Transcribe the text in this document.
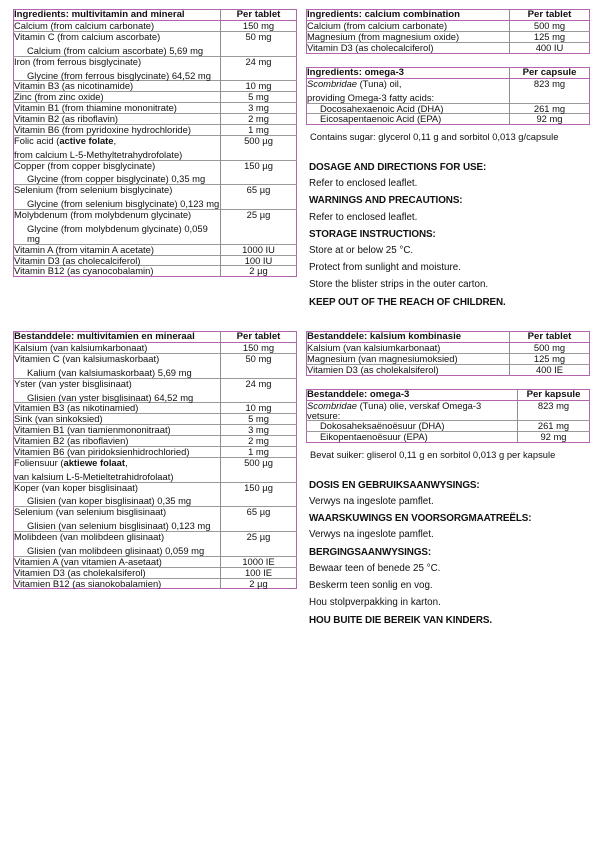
Ingredients: multivitamin and mineral	Per tablet
Calcium (from calcium carbonate)	150 mg
Vitamin C (from calcium ascorbate)
Calcium (from calcium ascorbate) 5,69 mg	50 mg
Iron (from ferrous bisglycinate)
Glycine (from ferrous bisglycinate) 64,52 mg	24 mg
Vitamin B3 (as nicotinamide)	10 mg
Zinc (from zinc oxide)	5 mg
Vitamin B1 (from thiamine mononitrate)	3 mg
Vitamin B2 (as riboflavin)	2 mg
Vitamin B6 (from pyridoxine hydrochloride)	1 mg
Folic acid (active folate,
from calcium L-5-Methyltetrahydrofolate)	500 µg
Copper (from copper bisglycinate)
Glycine (from copper bisglycinate) 0,35 mg	150 µg
Selenium (from selenium bisglycinate)
Glycine (from selenium bisglycinate) 0,123 mg	65 µg
Molybdenum (from molybdenum glycinate)
Glycine (from molybdenum glycinate) 0,059 mg	25 µg
Vitamin A (from vitamin A acetate)	1000 IU
Vitamin D3 (as cholecalciferol)	100 IU
Vitamin B12 (as cyanocobalamin)	2 µg
Ingredients: calcium combination	Per tablet
Calcium (from calcium carbonate)	500 mg
Magnesium (from magnesium oxide)	125 mg
Vitamin D3 (as cholecalciferol)	400 IU
Ingredients: omega-3	Per capsule
Scombridae (Tuna) oil,
providing Omega-3 fatty acids:	823 mg

Docosahexaenoic Acid (DHA)	261 mg

Eicosapentaenoic Acid (EPA)	92 mg
Contains sugar: glycerol 0,11 g and sorbitol 0,013 g/capsule
DOSAGE AND DIRECTIONS FOR USE:
Refer to enclosed leaflet.
WARNINGS AND PRECAUTIONS:
Refer to enclosed leaflet.
STORAGE INSTRUCTIONS:
Store at or below 25 °C.
Protect from sunlight and moisture.
Store the blister strips in the outer carton.
KEEP OUT OF THE REACH OF CHILDREN.
Bestanddele: multivitamien en mineraal	Per tablet
Kalsium (van kalsiumkarbonaat)	150 mg
Vitamien C (van kalsiumaskorbaat)
Kalium (van kalsiumaskorbaat) 5,69 mg	50 mg
Yster (van yster bisglisinaat)
Glisien (van yster bisglisinaat) 64,52 mg	24 mg
Vitamien B3 (as nikotinamied)	10 mg
Sink (van sinkoksied)	5 mg
Vitamien B1 (van tiamienmononitraat)	3 mg
Vitamien B2 (as riboflavien)	2 mg
Vitamien B6 (van piridoksienhidrochloried)	1 mg
Foliensuur (aktiewe folaat,
van kalsium L-5-Metieltetrahidrofolaat)	500 µg
Koper (van koper bisglisinaat)
Glisien (van koper bisglisinaat) 0,35 mg	150 µg
Selenium (van selenium bisglisinaat)
Glisien (van selenium bisglisinaat) 0,123 mg	65 µg
Molibdeen (van molibdeen glisinaat)
Glisien (van molibdeen glisinaat) 0,059 mg	25 µg
Vitamien A (van vitamien A-asetaat)	1000 IE
Vitamien D3 (as cholekalsiferol)	100 IE
Vitamien B12 (as sianokobalamien)	2 µg
Bestanddele: kalsium kombinasie	Per tablet
Kalsium (van kalsiumkarbonaat)	500 mg
Magnesium (van magnesiumoksied)	125 mg
Vitamien D3 (as cholekalsiferol)	400 IE
Bestanddele: omega-3	Per kapsule
Scombridae (Tuna) olie, verskaf Omega-3 vetsure:	823 mg

Dokosaheksaënoësuur (DHA)	261 mg

Eikopentaenoësuur (EPA)	92 mg
Bevat suiker: gliserol 0,11 g en sorbitol 0,013 g per kapsule
DOSIS EN GEBRUIKSAANWYSINGS:
Verwys na ingeslote pamflet.
WAARSKUWINGS EN VOORSORGMAATREËLS:
Verwys na ingeslote pamflet.
BERGINGSAANWYSINGS:
Bewaar teen of benede 25 °C.
Beskerm teen sonlig en vog.
Hou stolpverpakking in karton.
HOU BUITE DIE BEREIK VAN KINDERS.
